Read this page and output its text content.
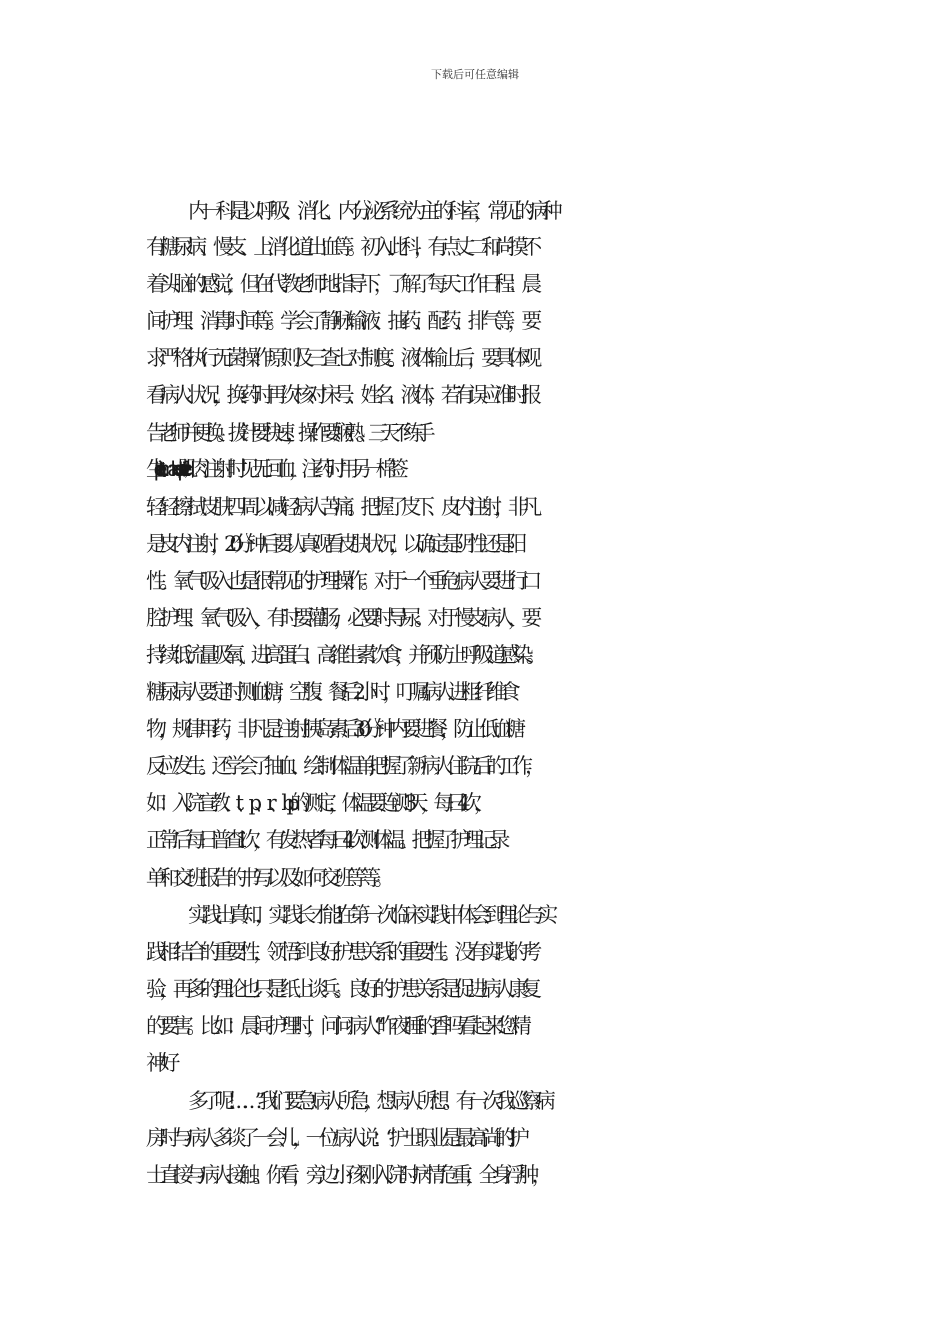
下载后可任意编辑
内一科是以呼吸、消化、内分泌系统为主的科室，常见的病种
有糖尿病、慢支、上消化道出血等。初入此科，有点丈二和尚摸不
着头脑的感觉，但在代教老师地指导下，了解了每天工作日程：晨
间护理、消毒时间等。学会了静脉输液、抽药、配药、排气等，要
求严格执行无菌操作原则及三查七对制度。液体输上后，要具体观
看病人状况，换药时再次核对床号、姓名、液体，若有误应准时报
告 老 师 并 更 换 。 拔 针 要 快 速 ， 操 作 要 娴 熟 。 三 天 不 练 手
生!“practicemakesperfect!”肌肉注射时见无回血，注药时用另一棉签
轻轻擦拭皮肤四周以减轻病人苦痛。把握了皮下、皮内注射，非凡
是皮内注射，20 分钟后要认真观看皮肤状况，以确定是阴性还是阳
性。氧气吸入也是很常见的护理操作。对于一个垂危病人要进行口
腔护理、氧气吸入，有时要灌肠，必要时导尿。对于慢支病人，要
持续低流量吸氧，进高蛋白、高维生素饮食，并预防上呼吸道感染。
糖尿病人要定时测血糖，空腹、餐后 2 小时，叮嘱病人进粗纤维食
物，规律用药，非凡是注射胰岛素后 30 分钟内要进餐，防止低血糖
反应发生。还学会了抽血、绘制体温单;把握了新病人住院后的工作，
如：入院宣教、t、p、r、bp 的测定，体温要连测 3 天，每日 4 次，
正常后每日普查 1 次，有发热者每日 4 次测体温。把握了护理记录
单和交班报告的书写以及如何交班等等。
实践出真知，实践长才能!在第一次临床实践中体会到理论与实
践相结合的重要性，领悟到良好护患关系的重要性。没有实践的考
验，再多的理论也只是纸上谈兵。良好的护患关系是促进病人康复
的要害。比如：晨间护理时，问问病人“昨夜睡的香吗看起来您精
神好
多了呢!……”我们要急病人所急，想病人所想。有一次我巡察病
房时与病人多谈了一会儿，一位病人说：“护士职业是最高尚的!护
士直接与病人接触。你看，旁边小孩刚入院时病情危重，全身浮肿，
